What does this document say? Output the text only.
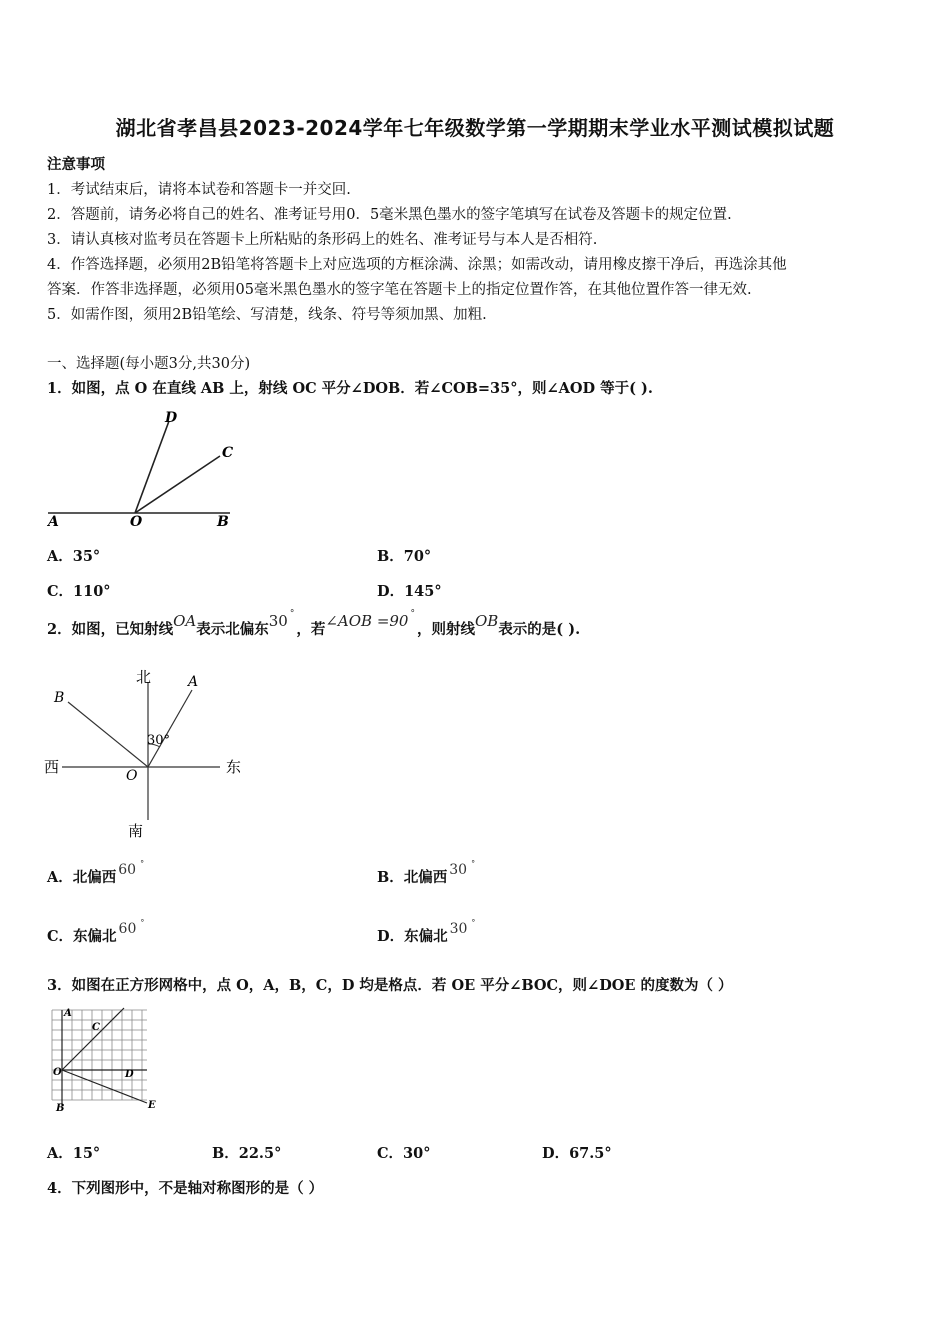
湖北省孝昌县2023-2024学年七年级数学第一学期期末学业水平测试模拟试题
注意事项
1．考试结束后，请将本试卷和答题卡一并交回.
2．答题前，请务必将自己的姓名、准考证号用0．5毫米黑色墨水的签字笔填写在试卷及答题卡的规定位置.
3．请认真核对监考员在答题卡上所粘贴的条形码上的姓名、准考证号与本人是否相符.
4．作答选择题，必须用2B铅笔将答题卡上对应选项的方框涂满、涂黑；如需改动，请用橡皮擦干净后，再选涂其他
答案．作答非选择题，必须用05毫米黑色墨水的签字笔在答题卡上的指定位置作答，在其他位置作答一律无效.
5．如需作图，须用2B铅笔绘、写清楚，线条、符号等须加黑、加粗.
一、选择题(每小题3分,共30分)
1．如图，点 O 在直线 AB 上，射线 OC 平分∠DOB．若∠COB=35°，则∠AOD 等于( ).
A	O	B
C
D
A．35°	B．70°
C．110°	D．145°
2．如图，已知射线OA表示北偏东30 °，若∠AOB =90 °，则射线OB表示的是( ).
北
南
东
西
A
B
O
30°
A．北偏西 60 °
B．北偏西 30 °
C．东偏北 60 °
D．东偏北 30 °
3．如图在正方形网格中，点 O，A，B，C，D 均是格点．若 OE 平分∠BOC，则∠DOE 的度数为（ ）
A
C
O	D
B	E
A．15°	B．22.5°	C．30°	D．67.5°
4．下列图形中，不是轴对称图形的是（ ）
